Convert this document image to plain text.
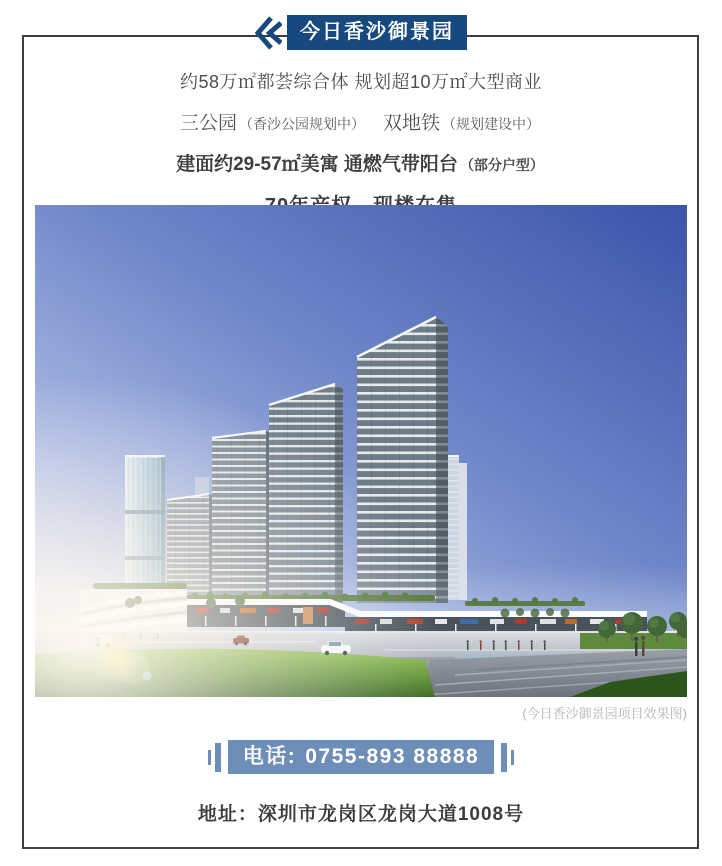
今日香沙御景园
约58万㎡都荟综合体 规划超10万㎡大型商业
三公园 （香沙公园规划中） 双地铁 （规划建设中）
建面约29-57㎡美寓 通燃气带阳台 （部分户型）
(今日香沙御景园项目效果图)
电话: 0755-893 88888
地址：深圳市龙岗区龙岗大道1008号
